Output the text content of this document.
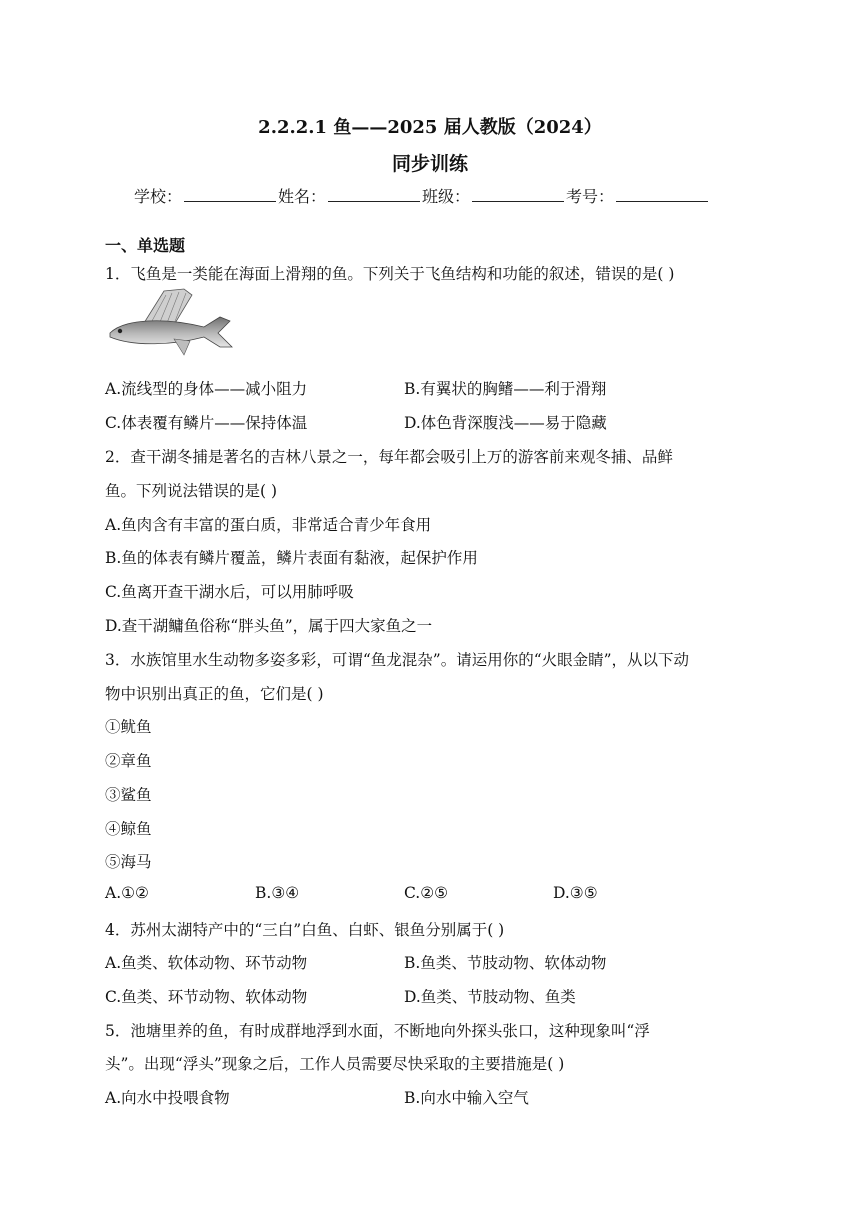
2.2.2.1 鱼——2025 届人教版（2024）
同步训练
学校：	姓名：	班级：	考号：
一、单选题
1．飞鱼是一类能在海面上滑翔的鱼。下列关于飞鱼结构和功能的叙述，错误的是( )
A.流线型的身体——减小阻力	B.有翼状的胸鳍——利于滑翔
C.体表覆有鳞片——保持体温	D.体色背深腹浅——易于隐藏
2．查干湖冬捕是著名的吉林八景之一，每年都会吸引上万的游客前来观冬捕、品鲜
鱼。下列说法错误的是( )
A.鱼肉含有丰富的蛋白质，非常适合青少年食用
B.鱼的体表有鳞片覆盖，鳞片表面有黏液，起保护作用
C.鱼离开查干湖水后，可以用肺呼吸
D.查干湖鳙鱼俗称“胖头鱼”，属于四大家鱼之一
3．水族馆里水生动物多姿多彩，可谓“鱼龙混杂”。请运用你的“火眼金睛”，从以下动
物中识别出真正的鱼，它们是( )
①鱿鱼
②章鱼
③鲨鱼
④鲸鱼
⑤海马
A.①②	B.③④	C.②⑤	D.③⑤
4．苏州太湖特产中的“三白”白鱼、白虾、银鱼分别属于( )
A.鱼类、软体动物、环节动物	B.鱼类、节肢动物、软体动物
C.鱼类、环节动物、软体动物	D.鱼类、节肢动物、鱼类
5．池塘里养的鱼，有时成群地浮到水面，不断地向外探头张口，这种现象叫“浮
头”。出现“浮头”现象之后，工作人员需要尽快采取的主要措施是( )
A.向水中投喂食物	B.向水中输入空气
